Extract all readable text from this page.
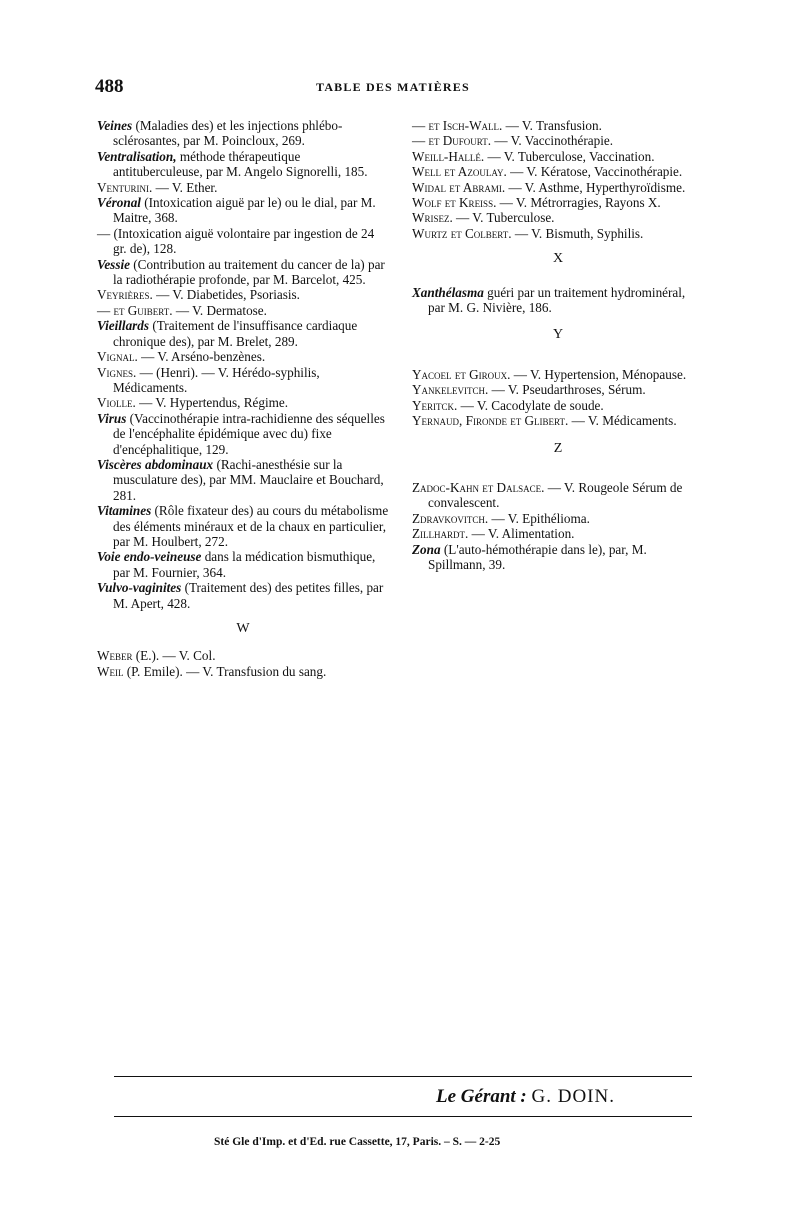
488	TABLE DES MATIÈRES

Veines (Maladies des) et les injections phlébo-sclérosantes, par M. Poincloux, 269.

Ventralisation, méthode thérapeutique antituberculeuse, par M. Angelo Signorelli, 185.

Venturini. — V. Ether.

Véronal (Intoxication aiguë par le) ou le dial, par M. Maitre, 368.

— (Intoxication aiguë volontaire par ingestion de 24 gr. de), 128.

Vessie (Contribution au traitement du cancer de la) par la radiothérapie profonde, par M. Barcelot, 425.

Veyrières. — V. Diabetides, Psoriasis.

— et Guibert. — V. Dermatose.

Vieillards (Traitement de l'insuffisance cardiaque chronique des), par M. Brelet, 289.

Vignal. — V. Arséno-benzènes.

Vignes. — (Henri). — V. Hérédo-syphilis, Médicaments.

Violle. — V. Hypertendus, Régime.

Virus (Vaccinothérapie intra-rachidienne des séquelles de l'encéphalite épidémique avec du) fixe d'encéphalitique, 129.

Viscères abdominaux (Rachi-anesthésie sur la musculature des), par MM. Mauclaire et Bouchard, 281.

Vitamines (Rôle fixateur des) au cours du métabolisme des éléments minéraux et de la chaux en particulier, par M. Houlbert, 272.

Voie endo-veineuse dans la médication bismuthique, par M. Fournier, 364.

Vulvo-vaginites (Traitement des) des petites filles, par M. Apert, 428.

W

Weber (E.). — V. Col.

Weil (P. Emile). — V. Transfusion du sang.

— et Isch-Wall. — V. Transfusion.

— et Dufourt. — V. Vaccinothérapie.

Weill-Hallé. — V. Tuberculose, Vaccination.

Well et Azoulay. — V. Kératose, Vaccinothérapie.

Widal et Abrami. — V. Asthme, Hyperthyroïdisme.

Wolf et Kreiss. — V. Métrorragies, Rayons X.

Wrisez. — V. Tuberculose.

Wurtz et Colbert. — V. Bismuth, Syphilis.

X

Xanthélasma guéri par un traitement hydrominéral, par M. G. Nivière, 186.

Y

Yacoel et Giroux. — V. Hypertension, Ménopause.

Yankelevitch. — V. Pseudarthroses, Sérum.

Yeritck. — V. Cacodylate de soude.

Yernaud, Fironde et Glibert. — V. Médicaments.

Z

Zadoc-Kahn et Dalsace. — V. Rougeole Sérum de convalescent.

Zdravkovitch. — V. Epithélioma.

Zillhardt. — V. Alimentation.

Zona (L'auto-hémothérapie dans le), par, M. Spillmann, 39.

Le Gérant : G. DOIN.
Sté Gle d'Imp. et d'Ed. rue Cassette, 17, Paris. – S. — 2-25
